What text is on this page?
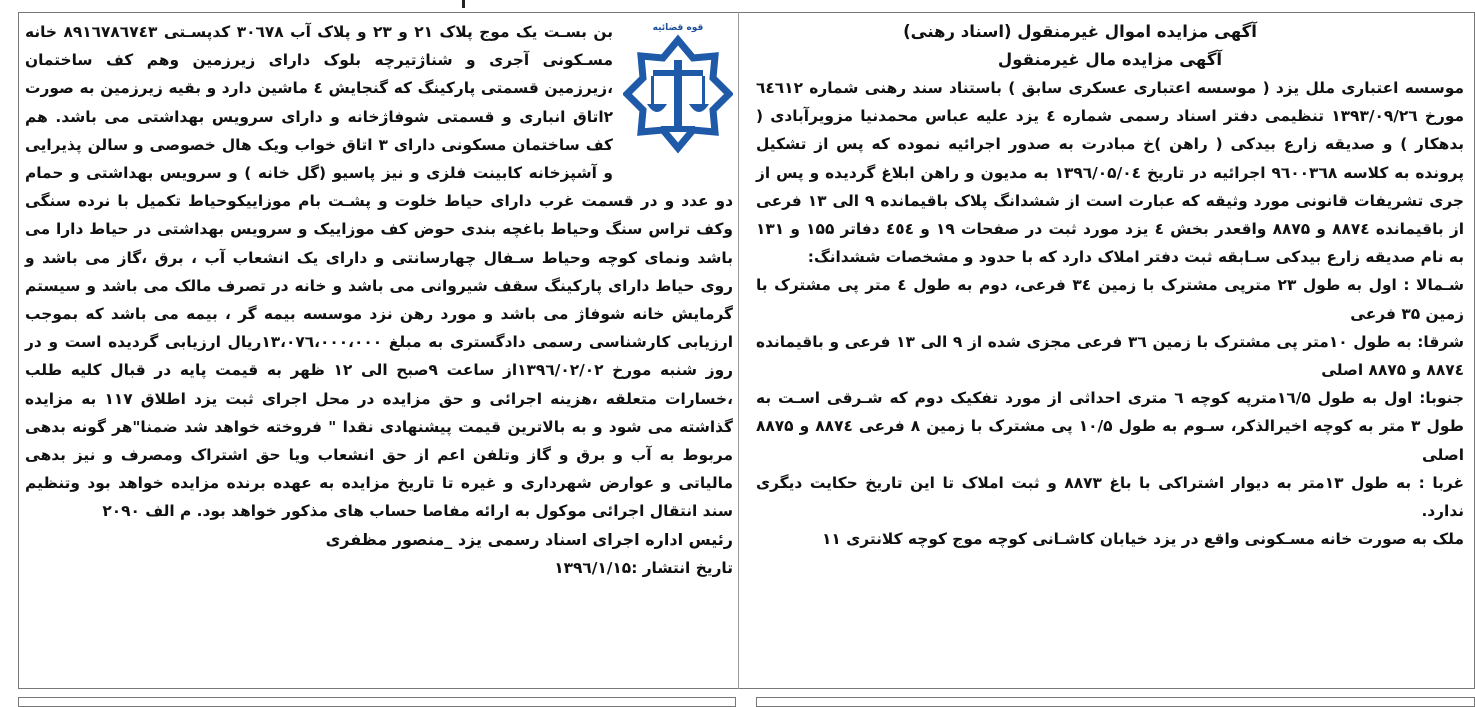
آگهی مزایده اموال غیرمنقول (اسناد رهنی)
آگهی مزایده مال غیرمنقول

موسسه اعتباری ملل یزد ( موسسه اعتباری عسکری سابق ) باستناد سند رهنی شماره ٦٤٦١٢ مورخ ۱۳۹۳/۰۹/۲٦ تنظیمی دفتر اسناد رسمی شماره ٤ یزد علیه عباس محمدنیا مزویرآبادی ( بدهکار ) و صدیقه زارع بیدکی ( راهن )خ مبادرت به صدور اجرائیه نموده که پس از تشکیل پرونده به کلاسه ۹٦۰۰۳٦۸ اجرائیه در تاریخ ۱۳۹٦/۰۵/۰٤ به مدیون و راهن ابلاغ گردیده و پس از جری تشریفات قانونی مورد وثیقه که عبارت است از ششدانگ پلاک باقیمانده ۹ الی ۱۳ فرعی از باقیمانده ۸۸۷٤ و ۸۸۷۵ واقعدر بخش ٤ یزد مورد ثبت در صفحات ۱۹ و ٤٥٤ دفاتر ۱۵۵ و ۱۳۱ به نام صدیقه زارع بیدکی سـابقه ثبت دفتر املاک دارد که با حدود و مشخصات ششدانگ:

شـمالا : اول به طول ۲۳ مترپی مشترک با زمین ۳٤ فرعی، دوم به طول ٤ متر پی مشترک با زمین ۳۵ فرعی

شرقا: به طول ۱۰متر پی مشترک با زمین ۳٦ فرعی مجزی شده از ۹ الی ۱۳ فرعی و باقیمانده ۸۸۷٤ و ۸۸۷۵ اصلی

جنوبا: اول به طول ۱٦/۵مترپه کوچه ٦ متری احداثی از مورد تفکیک دوم که شـرقی اسـت به طول ۳ متر به کوچه اخیرالذکر، سـوم به طول ۱۰/۵ پی مشترک با زمین ۸ فرعی ۸۸۷٤ و ۸۸۷۵ اصلی

غربا : به طول ۱۳متر به دیوار اشتراکی با باغ ۸۸۷۳ و ثبت املاک تا این تاریخ حکایت دیگری ندارد.

ملک به صورت خانه مسـکونی واقع در یزد خیابان کاشـانی کوچه موج کوچه کلانتری ۱۱

قوه قضائیه

بن بسـت یک موج پلاک ۲۱ و ۲۳ و پلاک آب ۳۰٦۷۸ کدپسـتی ۸۹۱٦۷۸٦۷٤۳ خانه مسـکونی آجری و شناژتیرچه بلوک دارای زیرزمین وهم کف ساختمان ،زیرزمین قسمتی پارکینگ که گنجایش ٤ ماشین دارد و بقیه زیرزمین به صورت ۲اتاق انباری و قسمتی شوفاژخانه و دارای سرویس بهداشتی می باشد. هم کف ساختمان مسکونی دارای ۳ اتاق خواب ویک هال خصوصی و سالن پذیرایی و آشپزخانه کابینت فلزی و نیز پاسیو (گل خانه ) و سرویس بهداشتی و حمام دو عدد و در قسمت غرب دارای حیاط خلوت و پشـت بام موزاییکوحیاط تکمیل با نرده سنگی وکف تراس سنگ وحیاط باغچه بندی حوض کف موزاییک و سرویس بهداشتی در حیاط دارا می باشد ونمای کوچه وحیاط سـفال چهارسانتی و دارای یک انشعاب آب ، برق ،گاز می باشد و روی حیاط دارای پارکینگ سقف شیروانی می باشد و خانه در تصرف مالک می باشد و سیستم گرمایش خانه شوفاژ می باشد و مورد رهن نزد موسسه بیمه گر ، بیمه می باشد که بموجب ارزیابی کارشناسی رسمی دادگستری به مبلغ ۱۳،۰۷٦،۰۰۰،۰۰۰ریال ارزیابی گردیده است و در روز شنبه مورخ ۱۳۹٦/۰۲/۰۲از ساعت ۹صبح الی ۱۲ ظهر به قیمت پایه در قبال کلیه طلب ،خسارات متعلقه ،هزینه اجرائی و حق مزایده در محل اجرای ثبت یزد اطلاق ۱۱۷ به مزایده گذاشته می شود و به بالاترین قیمت پیشنهادی نقدا " فروخته خواهد شد ضمنا"هر گونه بدهی مربوط به آب و برق و گاز وتلفن اعم از حق انشعاب ویا حق اشتراک ومصرف و نیز بدهی مالیاتی و عوارض شهرداری و غیره تا تاریخ مزایده به عهده برنده مزایده خواهد بود وتنظیم سند انتقال اجرائی موکول به ارائه مفاصا حساب های مذکور خواهد بود. م الف ۲۰۹۰

رئیس اداره اجرای اسناد رسمی یزد _منصور مظفری
تاریخ انتشار :۱۳۹٦/۱/۱۵
